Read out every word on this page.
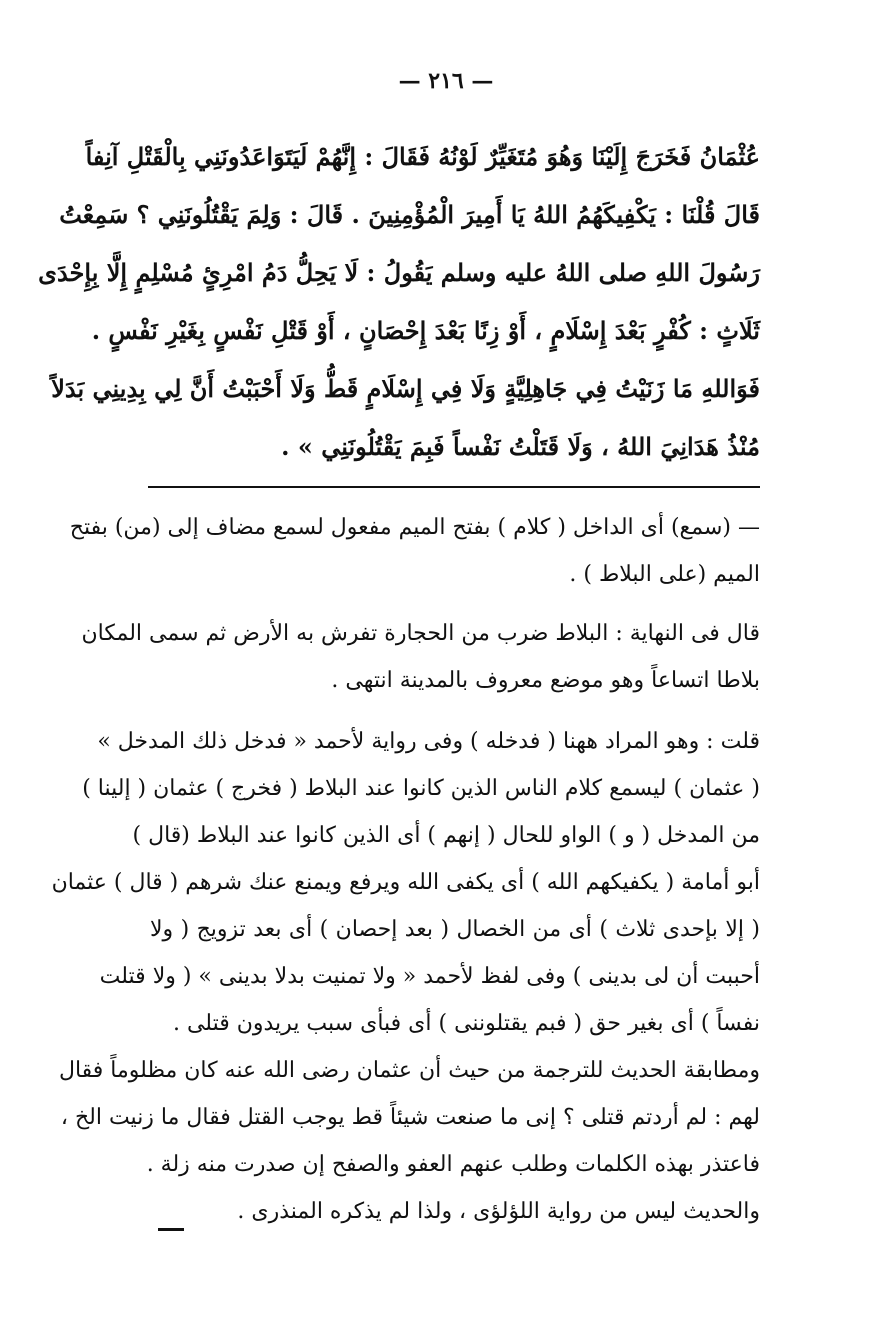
— ٢١٦ —
عُثْمَانُ فَخَرَجَ إِلَيْنَا وَهُوَ مُتَغَيِّرٌ لَوْنُهُ فَقَالَ : إِنَّهُمْ لَيَتَوَاعَدُونَنِي بِالْقَتْلِ آنِفاً
قَالَ قُلْنَا : يَكْفِيكَهُمُ اللهُ يَا أَمِيرَ الْمُؤْمِنِينَ . قَالَ : وَلِمَ يَقْتُلُونَنِي ؟ سَمِعْتُ
رَسُولَ اللهِ صلى اللهُ عليه وسلم يَقُولُ : لَا يَحِلُّ دَمُ امْرِئٍ مُسْلِمٍ إِلَّا بِإِحْدَى
ثَلَاثٍ : كُفْرٍ بَعْدَ إِسْلَامٍ ، أَوْ زِنًا بَعْدَ إِحْصَانٍ ، أَوْ قَتْلِ نَفْسٍ بِغَيْرِ نَفْسٍ .
فَوَاللهِ مَا زَنَيْتُ فِي جَاهِلِيَّةٍ وَلَا فِي إِسْلَامٍ قَطُّ وَلَا أَحْبَبْتُ أَنَّ لِي بِدِينِي بَدَلاً
مُنْذُ هَدَانِيَ اللهُ ، وَلَا قَتَلْتُ نَفْساً فَبِمَ يَقْتُلُونَنِي » .
— (سمع) أى الداخل ( كلام ) بفتح الميم مفعول لسمع مضاف إلى (من) بفتح
الميم (على البلاط ) .
قال فى النهاية : البلاط ضرب من الحجارة تفرش به الأرض ثم سمى المكان
بلاطا اتساعاً وهو موضع معروف بالمدينة انتهى .
قلت : وهو المراد ههنا ( فدخله ) وفى رواية لأحمد « فدخل ذلك المدخل »
( عثمان ) ليسمع كلام الناس الذين كانوا عند البلاط ( فخرج ) عثمان ( إلينا )
من المدخل ( و ) الواو للحال ( إنهم ) أى الذين كانوا عند البلاط (قال )
أبو أمامة ( يكفيكهم الله ) أى يكفى الله ويرفع ويمنع عنك شرهم ( قال ) عثمان
( إلا بإحدى ثلاث ) أى من الخصال ( بعد إحصان ) أى بعد تزويج ( ولا
أحببت أن لى بدينى ) وفى لفظ لأحمد « ولا تمنيت بدلا بدينى » ( ولا قتلت
نفساً ) أى بغير حق ( فبم يقتلوننى ) أى فبأى سبب يريدون قتلى .
ومطابقة الحديث للترجمة من حيث أن عثمان رضى الله عنه كان مظلوماً فقال
لهم : لم أردتم قتلى ؟ إنى ما صنعت شيئاً قط يوجب القتل فقال ما زنيت الخ ،
فاعتذر بهذه الكلمات وطلب عنهم العفو والصفح إن صدرت منه زلة .
والحديث ليس من رواية اللؤلؤى ، ولذا لم يذكره المنذرى .
